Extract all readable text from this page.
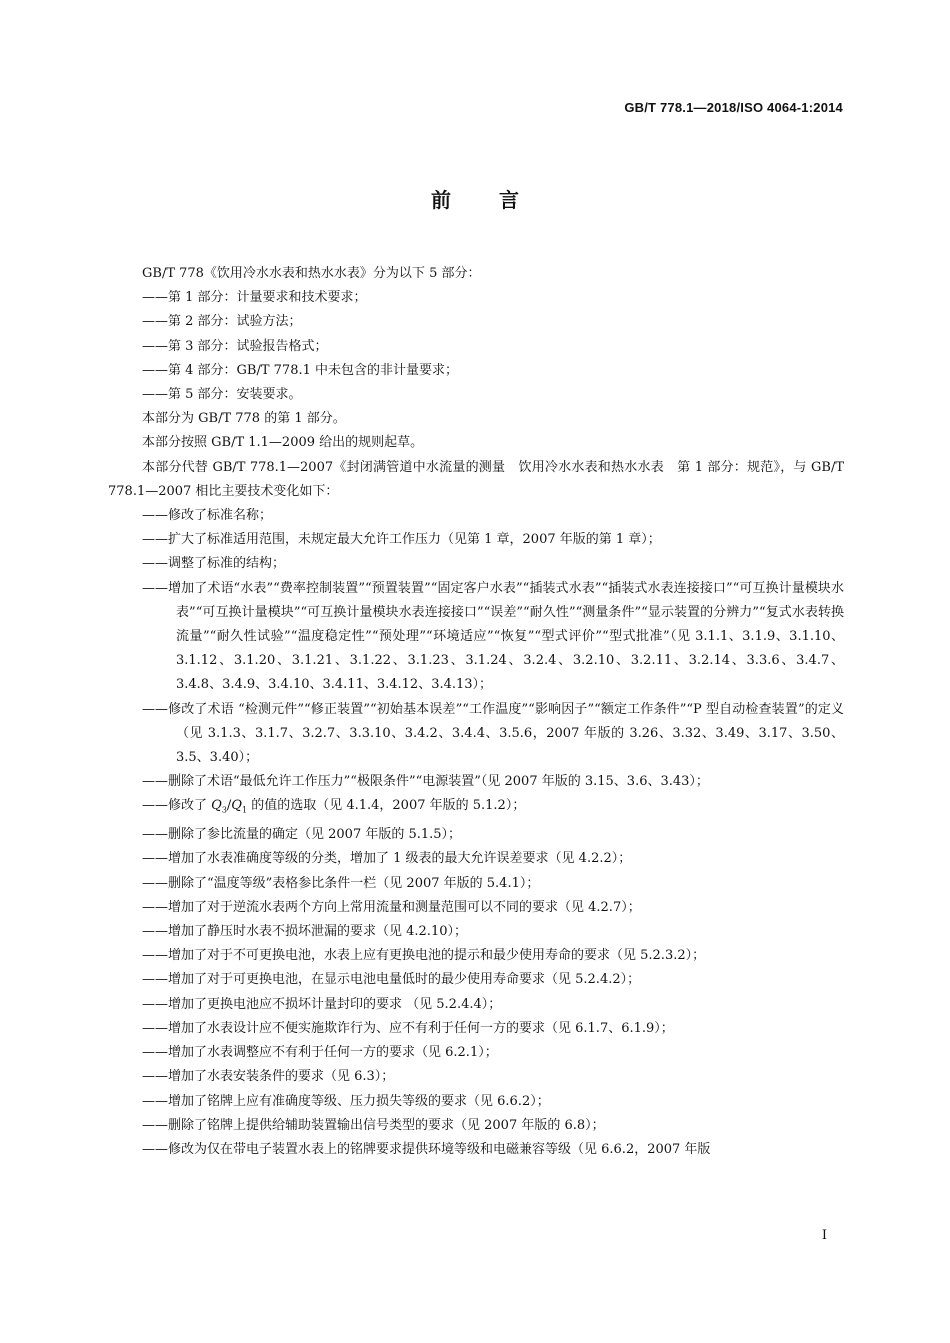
GB/T 778.1—2018/ISO 4064-1:2014
前言
GB/T 778《饮用冷水水表和热水水表》分为以下 5 部分：
——第 1 部分：计量要求和技术要求；
——第 2 部分：试验方法；
——第 3 部分：试验报告格式；
——第 4 部分：GB/T 778.1 中未包含的非计量要求；
——第 5 部分：安装要求。
本部分为 GB/T 778 的第 1 部分。
本部分按照 GB/T 1.1—2009 给出的规则起草。
本部分代替 GB/T 778.1—2007《封闭满管道中水流量的测量　饮用冷水水表和热水水表　第 1 部分：规范》，与 GB/T 778.1—2007 相比主要技术变化如下：
——修改了标准名称；
——扩大了标准适用范围，未规定最大允许工作压力（见第 1 章，2007 年版的第 1 章）；
——调整了标准的结构；
——增加了术语“水表”“费率控制装置”“预置装置”“固定客户水表”“插装式水表”“插装式水表连接接口”“可互换计量模块水表”“可互换计量模块”“可互换计量模块水表连接接口”“误差”“耐久性”“测量条件”“显示装置的分辨力”“复式水表转换流量”“耐久性试验”“温度稳定性”“预处理”“环境适应”“恢复”“型式评价”“型式批准”（见 3.1.1、3.1.9、3.1.10、3.1.12、3.1.20、3.1.21、3.1.22、3.1.23、3.1.24、3.2.4、3.2.10、3.2.11、3.2.14、3.3.6、3.4.7、3.4.8、3.4.9、3.4.10、3.4.11、3.4.12、3.4.13）；
——修改了术语 “检测元件”“修正装置”“初始基本误差”“工作温度”“影响因子”“额定工作条件”“P 型自动检查装置”的定义（见 3.1.3、3.1.7、3.2.7、3.3.10、3.4.2、3.4.4、3.5.6，2007 年版的 3.26、3.32、3.49、3.17、3.50、3.5、3.40）；
——删除了术语“最低允许工作压力”“极限条件”“电源装置”（见 2007 年版的 3.15、3.6、3.43）；
——修改了 $Q_3/Q_1$ 的值的选取（见 4.1.4，2007 年版的 5.1.2）；
——删除了参比流量的确定（见 2007 年版的 5.1.5）；
——增加了水表准确度等级的分类，增加了 1 级表的最大允许误差要求（见 4.2.2）；
——删除了“温度等级”表格参比条件一栏（见 2007 年版的 5.4.1）；
——增加了对于逆流水表两个方向上常用流量和测量范围可以不同的要求（见 4.2.7）；
——增加了静压时水表不损坏泄漏的要求（见 4.2.10）；
——增加了对于不可更换电池，水表上应有更换电池的提示和最少使用寿命的要求（见 5.2.3.2）；
——增加了对于可更换电池，在显示电池电量低时的最少使用寿命要求（见 5.2.4.2）；
——增加了更换电池应不损坏计量封印的要求 （见 5.2.4.4）；
——增加了水表设计应不便实施欺诈行为、应不有利于任何一方的要求（见 6.1.7、6.1.9）；
——增加了水表调整应不有利于任何一方的要求（见 6.2.1）；
——增加了水表安装条件的要求（见 6.3）；
——增加了铭牌上应有准确度等级、压力损失等级的要求（见 6.6.2）；
——删除了铭牌上提供给辅助装置输出信号类型的要求（见 2007 年版的 6.8）；
——修改为仅在带电子装置水表上的铭牌要求提供环境等级和电磁兼容等级（见 6.6.2，2007 年版
I
